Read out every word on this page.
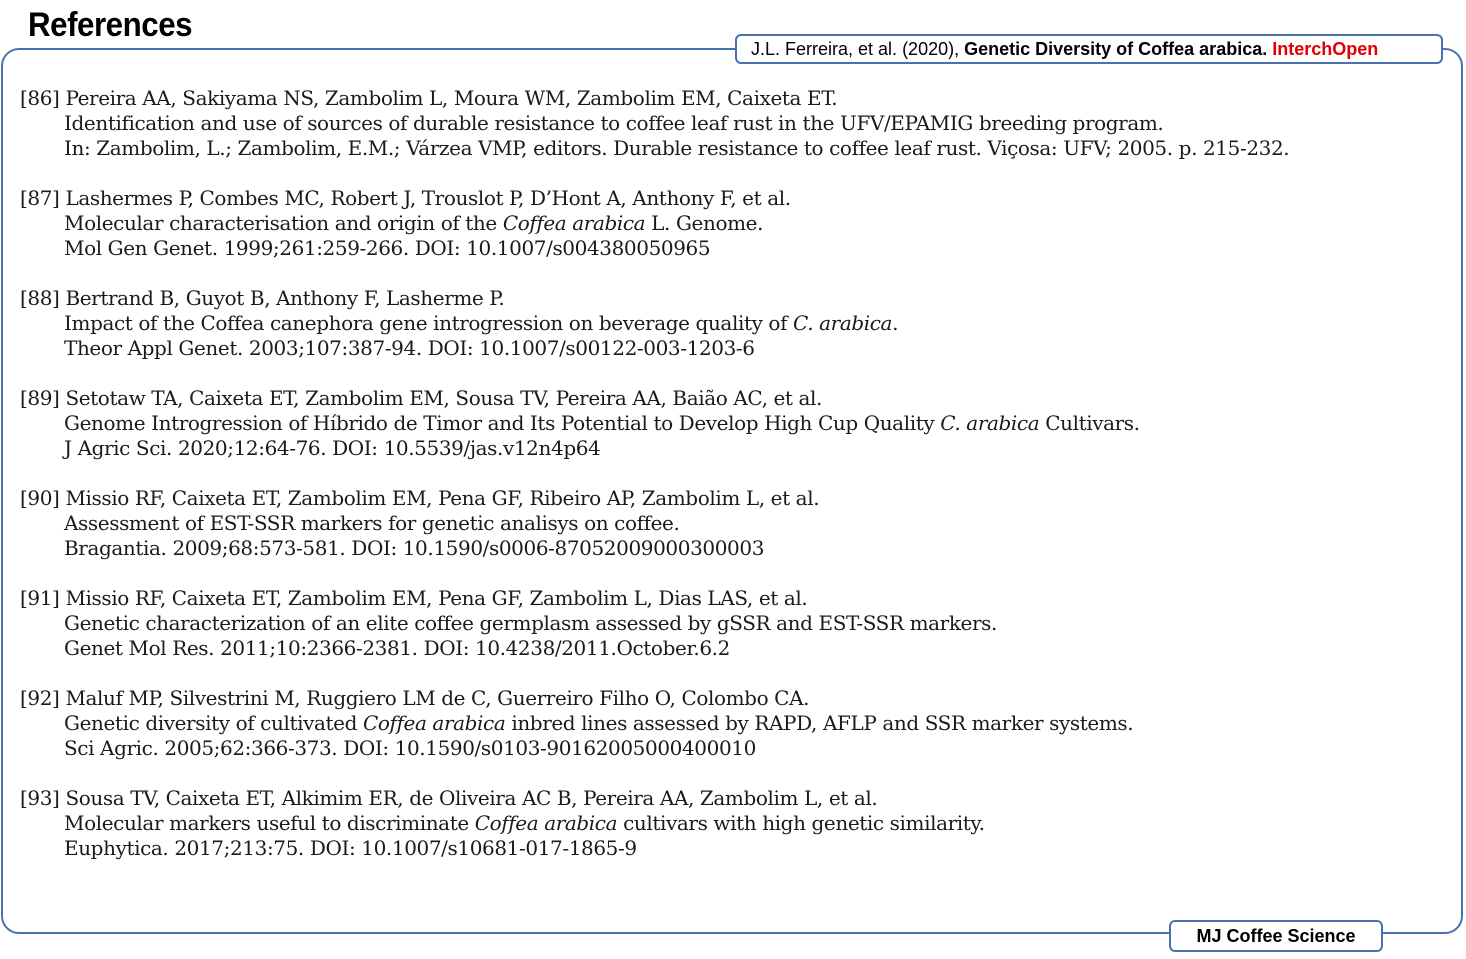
References
J.L. Ferreira, et al. (2020), Genetic Diversity of Coffea arabica. InterchOpen
[86] Pereira AA, Sakiyama NS, Zambolim L, Moura WM, Zambolim EM, Caixeta ET.
Identification and use of sources of durable resistance to coffee leaf rust in the UFV/EPAMIG breeding program.
In: Zambolim, L.; Zambolim, E.M.; Várzea VMP, editors. Durable resistance to coffee leaf rust. Viçosa: UFV; 2005. p. 215-232.
[87] Lashermes P, Combes MC, Robert J, Trouslot P, D’Hont A, Anthony F, et al.
Molecular characterisation and origin of the Coffea arabica L. Genome.
Mol Gen Genet. 1999;261:259-266. DOI: 10.1007/s004380050965
[88] Bertrand B, Guyot B, Anthony F, Lasherme P.
Impact of the Coffea canephora gene introgression on beverage quality of C. arabica.
Theor Appl Genet. 2003;107:387-94. DOI: 10.1007/s00122-003-1203-6
[89] Setotaw TA, Caixeta ET, Zambolim EM, Sousa TV, Pereira AA, Baião AC, et al.
Genome Introgression of Híbrido de Timor and Its Potential to Develop High Cup Quality C. arabica Cultivars.
J Agric Sci. 2020;12:64-76. DOI: 10.5539/jas.v12n4p64
[90] Missio RF, Caixeta ET, Zambolim EM, Pena GF, Ribeiro AP, Zambolim L, et al.
Assessment of EST-SSR markers for genetic analisys on coffee.
Bragantia. 2009;68:573-581. DOI: 10.1590/s0006-87052009000300003
[91] Missio RF, Caixeta ET, Zambolim EM, Pena GF, Zambolim L, Dias LAS, et al.
Genetic characterization of an elite coffee germplasm assessed by gSSR and EST-SSR markers.
Genet Mol Res. 2011;10:2366-2381. DOI: 10.4238/2011.October.6.2
[92] Maluf MP, Silvestrini M, Ruggiero LM de C, Guerreiro Filho O, Colombo CA.
Genetic diversity of cultivated Coffea arabica inbred lines assessed by RAPD, AFLP and SSR marker systems.
Sci Agric. 2005;62:366-373. DOI: 10.1590/s0103-90162005000400010
[93] Sousa TV, Caixeta ET, Alkimim ER, de Oliveira AC B, Pereira AA, Zambolim L, et al.
Molecular markers useful to discriminate Coffea arabica cultivars with high genetic similarity.
Euphytica. 2017;213:75. DOI: 10.1007/s10681-017-1865-9
MJ Coffee Science
